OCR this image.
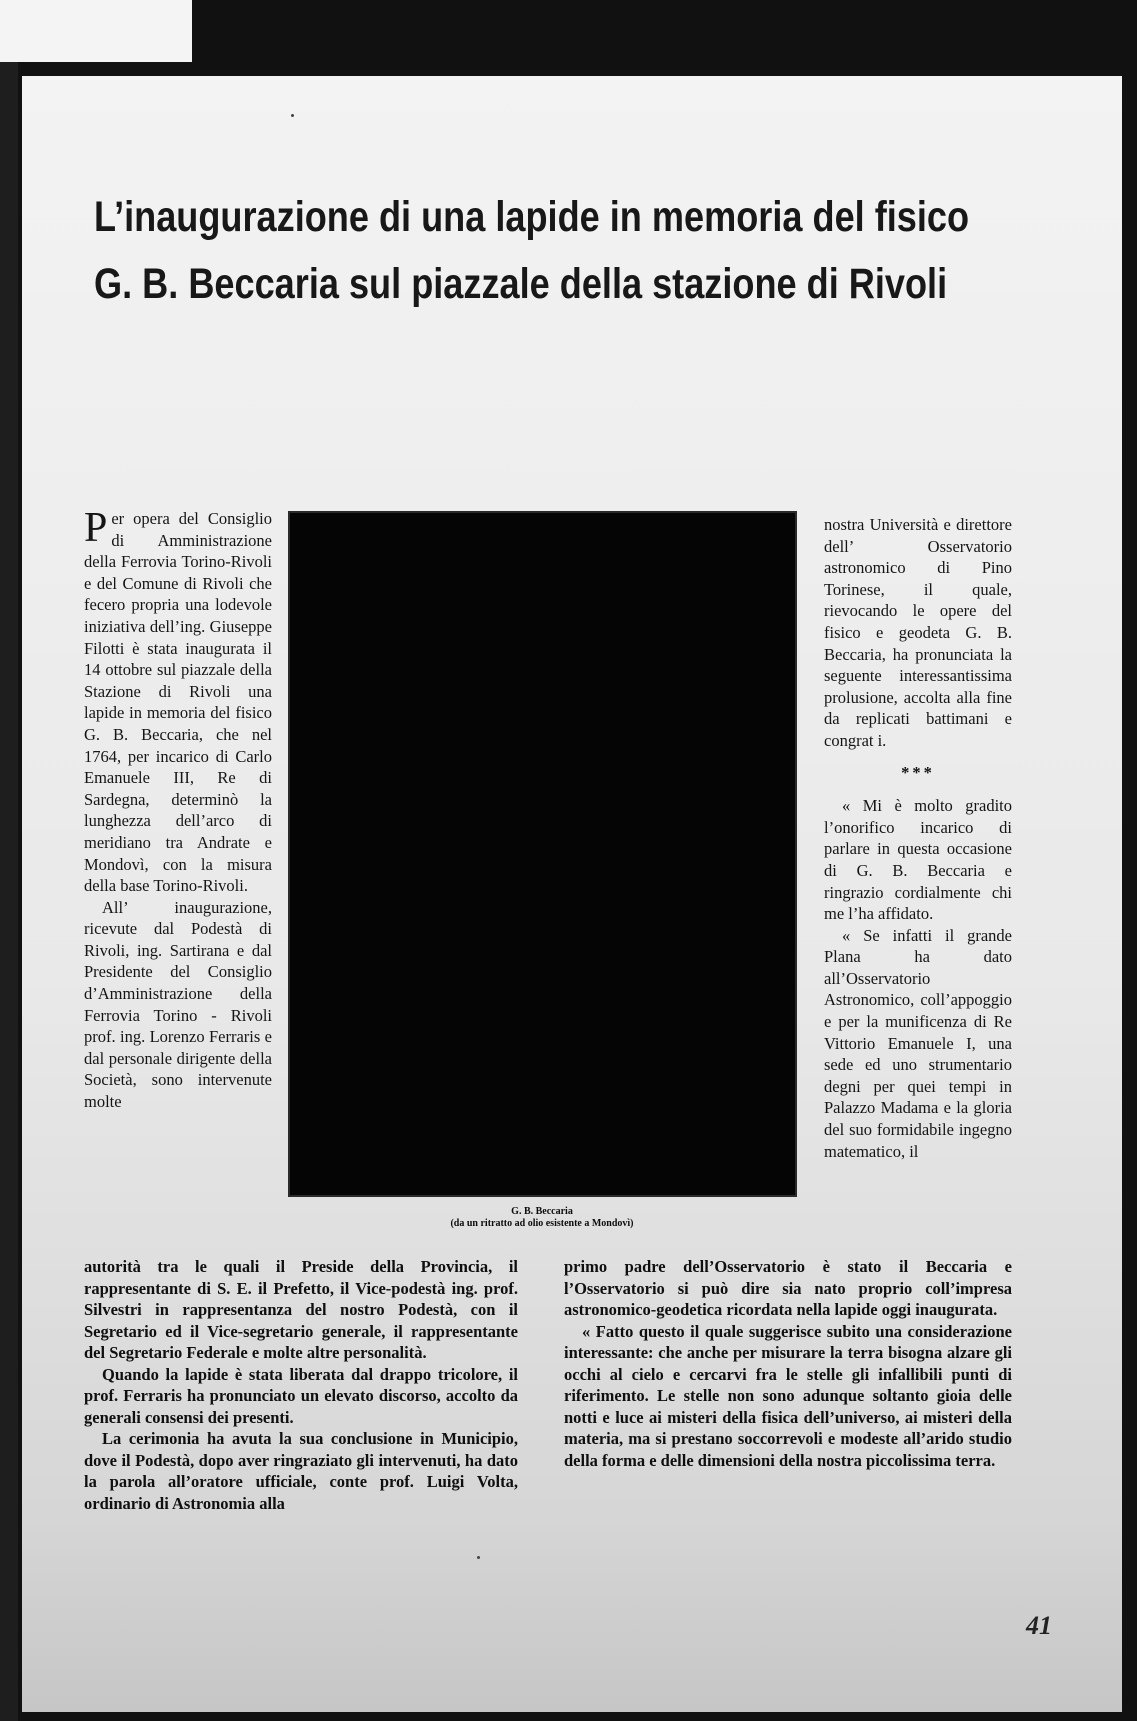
L’inaugurazione di una lapide in memoria del fisico
G. B. Beccaria sul piazzale della stazione di Rivoli

Per opera del Consiglio di Amministrazione della Ferrovia Torino-Rivoli e del Comune di Rivoli che fecero propria una lodevole iniziativa dell’ing. Giuseppe Filotti è stata inaugurata il 14 ottobre sul piazzale della Stazione di Rivoli una lapide in memoria del fisico G. B. Beccaria, che nel 1764, per incarico di Carlo Emanuele III, Re di Sardegna, determinò la lunghezza dell’arco di meridiano tra Andrate e Mondovì, con la misura della base Torino-Rivoli.

All’ inaugurazione, ricevute dal Podestà di Rivoli, ing. Sartirana e dal Presidente del Consiglio d’Amministrazione della Ferrovia Torino - Rivoli prof. ing. Lorenzo Ferraris e dal personale dirigente della Società, sono intervenute molte

G. B. Beccaria
(da un ritratto ad olio esistente a Mondovì)

nostra Università e direttore dell’ Osservatorio astronomico di Pino Torinese, il quale, rievocando le opere del fisico e geodeta G. B. Beccaria, ha pronunciata la seguente interessantissima prolusione, accolta alla fine da replicati battimani e congrat i.

***

« Mi è molto gradito l’onorifico incarico di parlare in questa occasione di G. B. Beccaria e ringrazio cordialmente chi me l’ha affidato.

« Se infatti il grande Plana ha dato all’Osservatorio Astronomico, coll’appoggio e per la munificenza di Re Vittorio Emanuele I, una sede ed uno strumentario degni per quei tempi in Palazzo Madama e la gloria del suo formidabile ingegno matematico, il

autorità tra le quali il Preside della Provincia, il rappresentante di S. E. il Prefetto, il Vice-podestà ing. prof. Silvestri in rappresentanza del nostro Podestà, con il Segretario ed il Vice-segretario generale, il rappresentante del Segretario Federale e molte altre personalità.

Quando la lapide è stata liberata dal drappo tricolore, il prof. Ferraris ha pronunciato un elevato discorso, accolto da generali consensi dei presenti.

La cerimonia ha avuta la sua conclusione in Municipio, dove il Podestà, dopo aver ringraziato gli intervenuti, ha dato la parola all’oratore ufficiale, conte prof. Luigi Volta, ordinario di Astronomia alla

primo padre dell’Osservatorio è stato il Beccaria e l’Osservatorio si può dire sia nato proprio coll’impresa astronomico-geodetica ricordata nella lapide oggi inaugurata.

« Fatto questo il quale suggerisce subito una considerazione interessante: che anche per misurare la terra bisogna alzare gli occhi al cielo e cercarvi fra le stelle gli infallibili punti di riferimento. Le stelle non sono adunque soltanto gioia delle notti e luce ai misteri della fisica dell’universo, ai misteri della materia, ma si prestano soccorrevoli e modeste all’arido studio della forma e delle dimensioni della nostra piccolissima terra.

41
